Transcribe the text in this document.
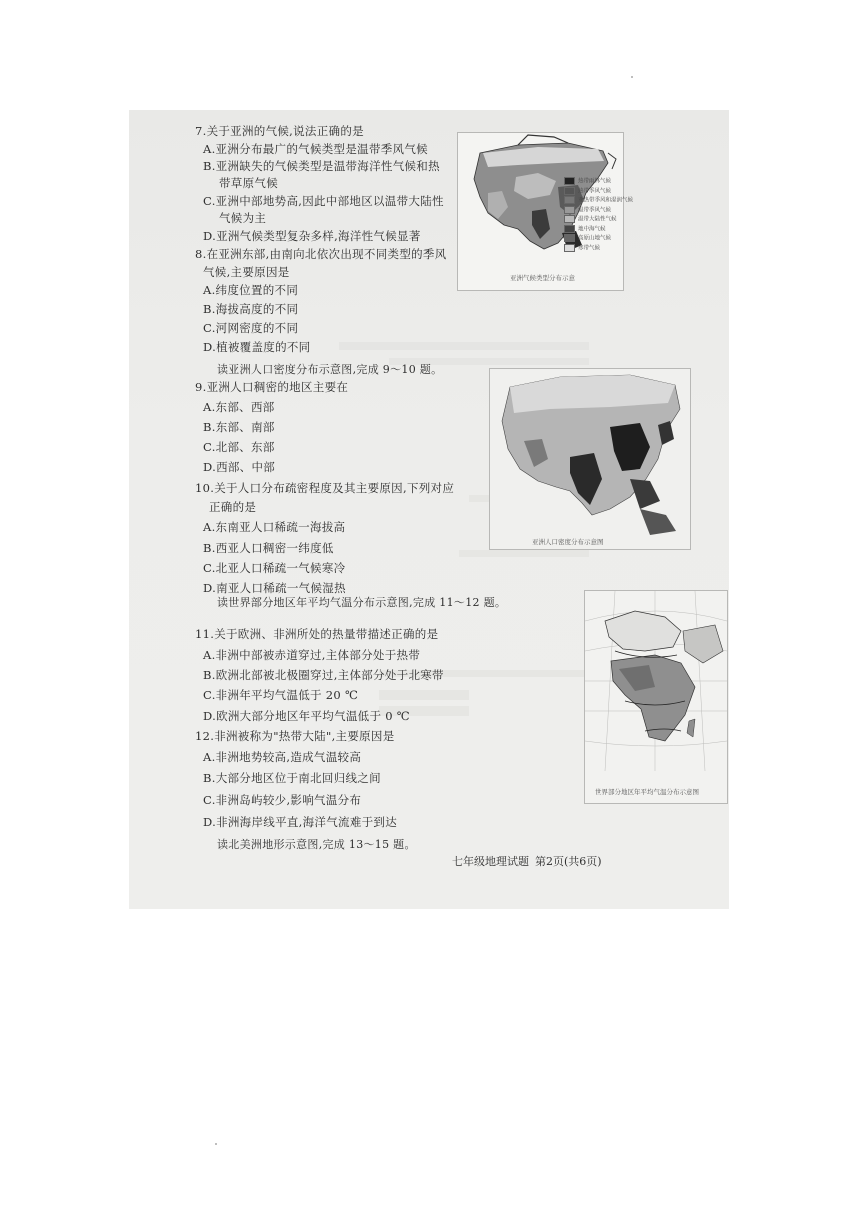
7.关于亚洲的气候,说法正确的是
A.亚洲分布最广的气候类型是温带季风气候
B.亚洲缺失的气候类型是温带海洋性气候和热
带草原气候
C.亚洲中部地势高,因此中部地区以温带大陆性
气候为主
D.亚洲气候类型复杂多样,海洋性气候显著
8.在亚洲东部,由南向北依次出现不同类型的季风
气候,主要原因是
A.纬度位置的不同
B.海拔高度的不同
C.河网密度的不同
D.植被覆盖度的不同
读亚洲人口密度分布示意图,完成 9～10 题。
9.亚洲人口稠密的地区主要在
A.东部、西部
B.东部、南部
C.北部、东部
D.西部、中部
10.关于人口分布疏密程度及其主要原因,下列对应
正确的是
A.东南亚人口稀疏一海拔高
B.西亚人口稠密一纬度低
C.北亚人口稀疏一气候寒冷
D.南亚人口稀疏一气候湿热
读世界部分地区年平均气温分布示意图,完成 11～12 题。
11.关于欧洲、非洲所处的热量带描述正确的是
A.非洲中部被赤道穿过,主体部分处于热带
B.欧洲北部被北极圈穿过,主体部分处于北寒带
C.非洲年平均气温低于 20 ℃
D.欧洲大部分地区年平均气温低于 0 ℃
12.非洲被称为"热带大陆",主要原因是
A.非洲地势较高,造成气温较高
B.大部分地区位于南北回归线之间
C.非洲岛屿较少,影响气温分布
D.非洲海岸线平直,海洋气流难于到达
读北美洲地形示意图,完成 13～15 题。
七年级地理试题 第2页(共6页)
热带雨林气候
热带季风气候
亚热带季风和湿润气候
温带季风气候
温带大陆性气候
地中海气候
高原山地气候
寒带气候
亚洲气候类型分布示意
亚洲人口密度分布示意图
世界部分地区年平均气温分布示意图
